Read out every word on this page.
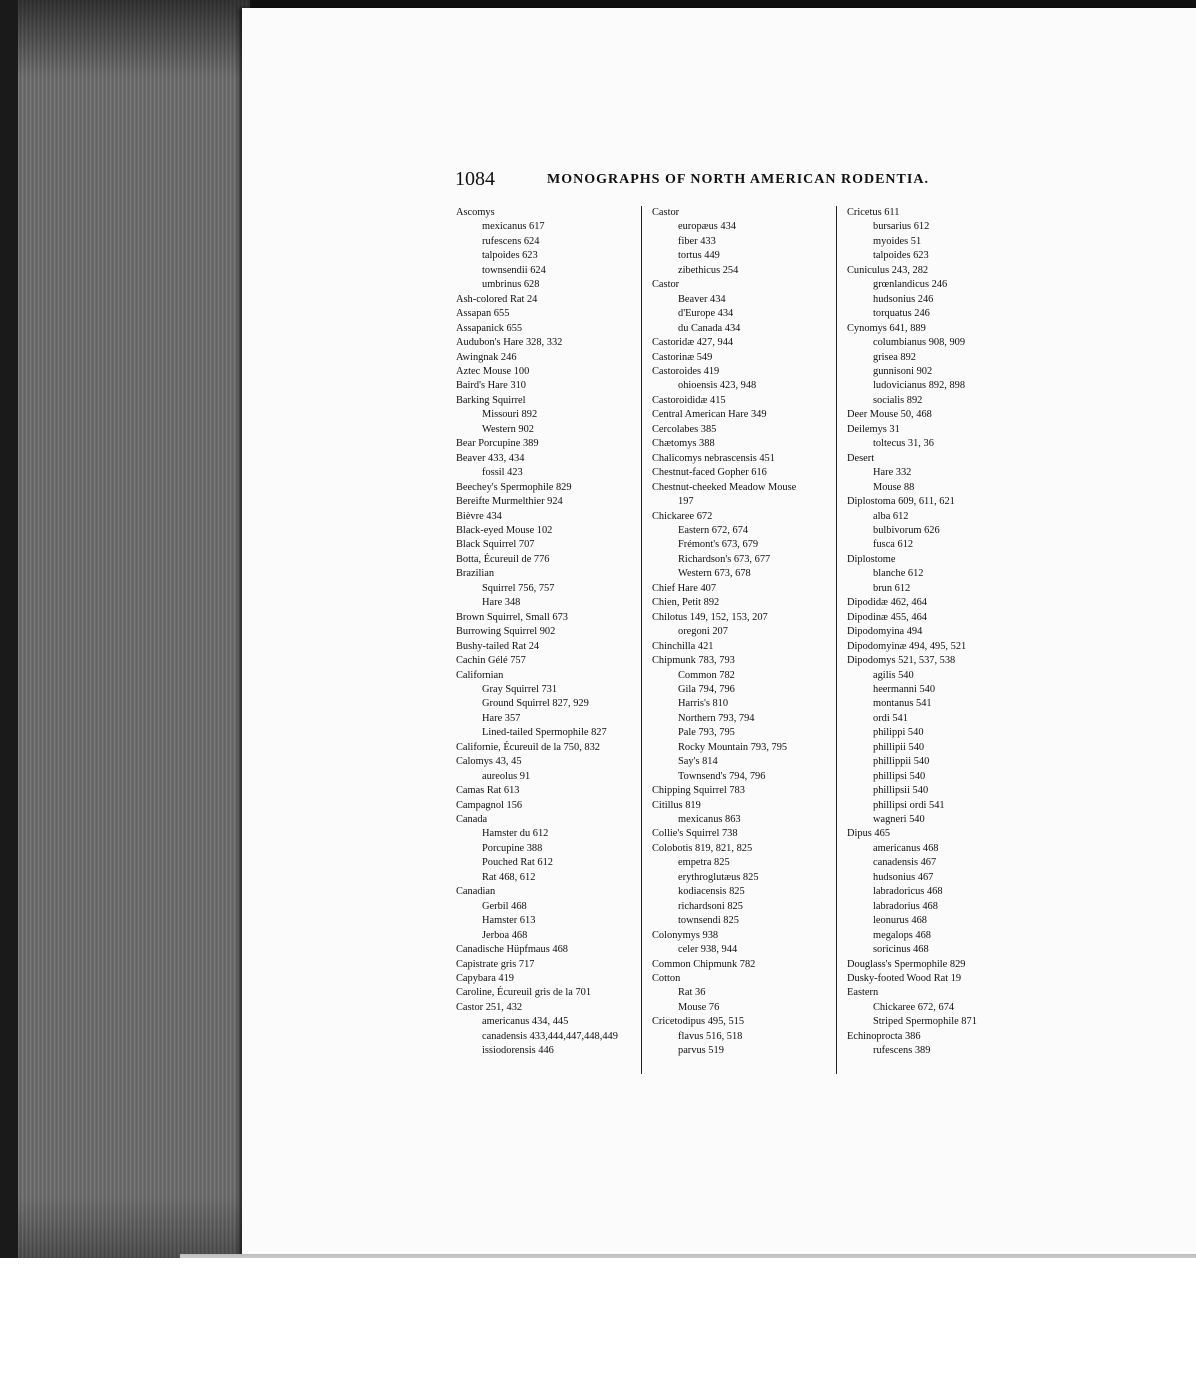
1084	MONOGRAPHS OF NORTH AMERICAN RODENTIA.
Ascomys
mexicanus 617
rufescens 624
talpoides 623
townsendii 624
umbrinus 628
Ash-colored Rat 24
Assapan 655
Assapanick 655
Audubon's Hare 328, 332
Awingnak 246
Aztec Mouse 100
Baird's Hare 310
Barking Squirrel
Missouri 892
Western 902
Bear Porcupine 389
Beaver 433, 434
fossil 423
Beechey's Spermophile 829
Bereifte Murmelthier 924
Bièvre 434
Black-eyed Mouse 102
Black Squirrel 707
Botta, Écureuil de 776
Brazilian
Squirrel 756, 757
Hare 348
Brown Squirrel, Small 673
Burrowing Squirrel 902
Bushy-tailed Rat 24
Cachin Gélé 757
Californian
Gray Squirrel 731
Ground Squirrel 827, 929
Hare 357
Lined-tailed Spermophile 827
Californie, Écureuil de la 750, 832
Calomys 43, 45
aureolus 91
Camas Rat 613
Campagnol 156
Canada
Hamster du 612
Porcupine 388
Pouched Rat 612
Rat 468, 612
Canadian
Gerbil 468
Hamster 613
Jerboa 468
Canadische Hüpfmaus 468
Capistrate gris 717
Capybara 419
Caroline, Écureuil gris de la 701
Castor 251, 432
americanus 434, 445
canadensis 433,444,447,448,449
issiodorensis 446
Castor
europæus 434
fiber 433
tortus 449
zibethicus 254
Castor
Beaver 434
d'Europe 434
du Canada 434
Castoridæ 427, 944
Castorinæ 549
Castoroides 419
ohioensis 423, 948
Castoroididæ 415
Central American Hare 349
Cercolabes 385
Chætomys 388
Chalicomys nebrascensis 451
Chestnut-faced Gopher 616
Chestnut-cheeked Meadow Mouse
197
Chickaree 672
Eastern 672, 674
Frémont's 673, 679
Richardson's 673, 677
Western 673, 678
Chief Hare 407
Chien, Petit 892
Chilotus 149, 152, 153, 207
oregoni 207
Chinchilla 421
Chipmunk 783, 793
Common 782
Gila 794, 796
Harris's 810
Northern 793, 794
Pale 793, 795
Rocky Mountain 793, 795
Say's 814
Townsend's 794, 796
Chipping Squirrel 783
Citillus 819
mexicanus 863
Collie's Squirrel 738
Colobotis 819, 821, 825
empetra 825
erythroglutæus 825
kodiacensis 825
richardsoni 825
townsendi 825
Colonymys 938
celer 938, 944
Common Chipmunk 782
Cotton
Rat 36
Mouse 76
Cricetodipus 495, 515
flavus 516, 518
parvus 519
Cricetus 611
bursarius 612
myoides 51
talpoides 623
Cuniculus 243, 282
grœnlandicus 246
hudsonius 246
torquatus 246
Cynomys 641, 889
columbianus 908, 909
grisea 892
gunnisoni 902
ludovicianus 892, 898
socialis 892
Deer Mouse 50, 468
Deilemys 31
toltecus 31, 36
Desert
Hare 332
Mouse 88
Diplostoma 609, 611, 621
alba 612
bulbivorum 626
fusca 612
Diplostome
blanche 612
brun 612
Dipodidæ 462, 464
Dipodinæ 455, 464
Dipodomyina 494
Dipodomyinæ 494, 495, 521
Dipodomys 521, 537, 538
agilis 540
heermanni 540
montanus 541
ordi 541
philippi 540
phillipii 540
phillippii 540
phillipsi 540
phillipsii 540
phillipsi ordi 541
wagneri 540
Dipus 465
americanus 468
canadensis 467
hudsonius 467
labradoricus 468
labradorius 468
leonurus 468
megalops 468
soricinus 468
Douglass's Spermophile 829
Dusky-footed Wood Rat 19
Eastern
Chickaree 672, 674
Striped Spermophile 871
Echinoprocta 386
rufescens 389
